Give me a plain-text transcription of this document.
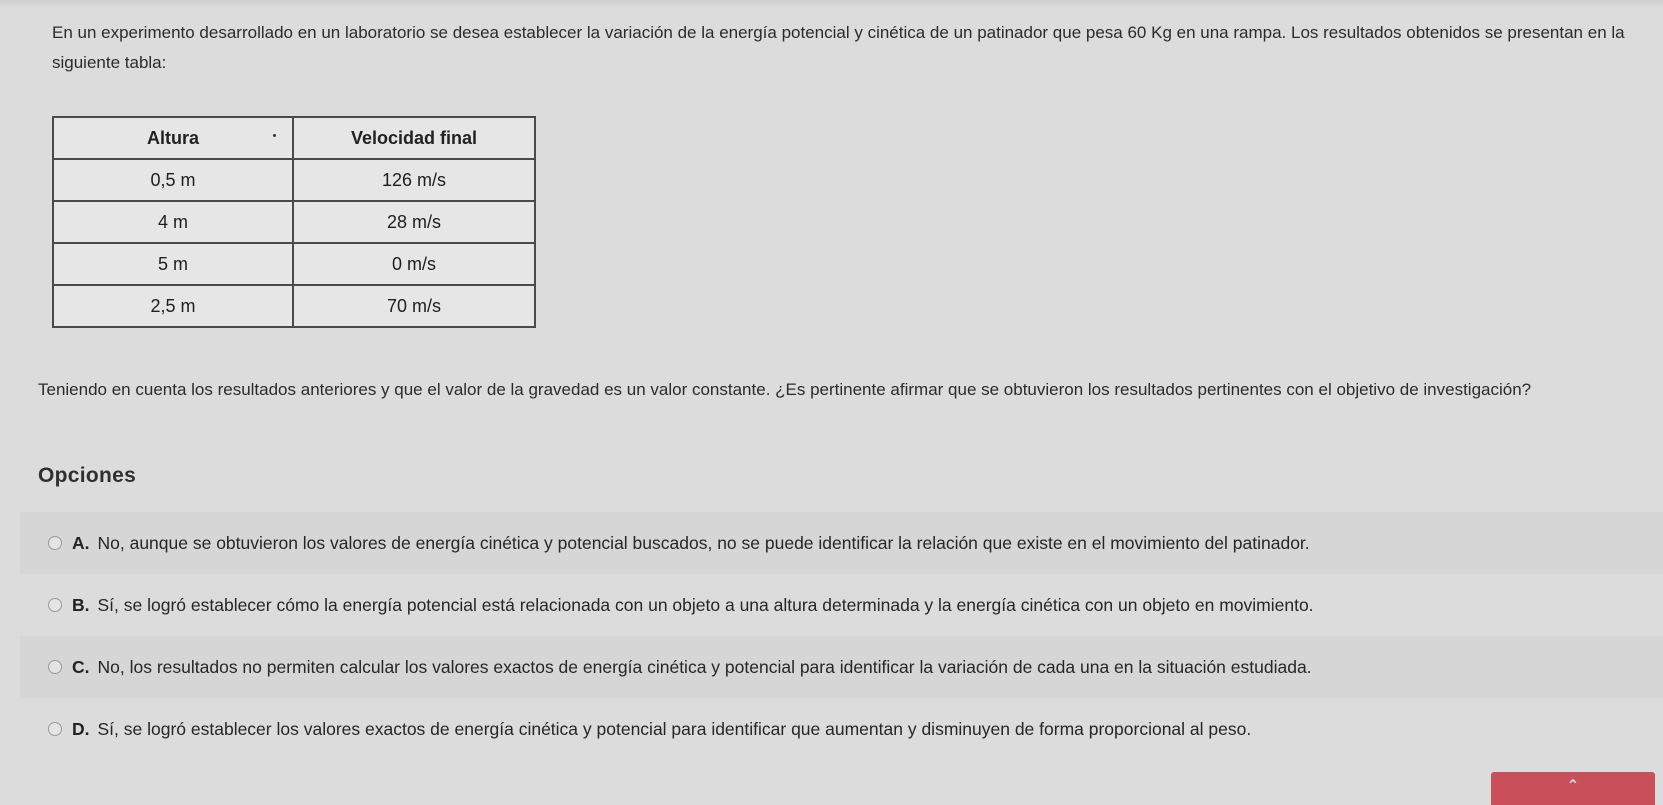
En un experimento desarrollado en un laboratorio se desea establecer la variación de la energía potencial y cinética de un patinador que pesa 60 Kg en una rampa. Los resultados obtenidos se presentan en la siguiente tabla:
Altura	Velocidad final
0,5 m	126 m/s
4 m	28 m/s
5 m	0 m/s
2,5 m	70 m/s
Teniendo en cuenta los resultados anteriores y que el valor de la gravedad es un valor constante. ¿Es pertinente afirmar que se obtuvieron los resultados pertinentes con el objetivo de investigación?
Opciones
A. No, aunque se obtuvieron los valores de energía cinética y potencial buscados, no se puede identificar la relación que existe en el movimiento del patinador.
B. Sí, se logró establecer cómo la energía potencial está relacionada con un objeto a una altura determinada y la energía cinética con un objeto en movimiento.
C. No, los resultados no permiten calcular los valores exactos de energía cinética y potencial para identificar la variación de cada una en la situación estudiada.
D. Sí, se logró establecer los valores exactos de energía cinética y potencial para identificar que aumentan y disminuyen de forma proporcional al peso.
⌃
